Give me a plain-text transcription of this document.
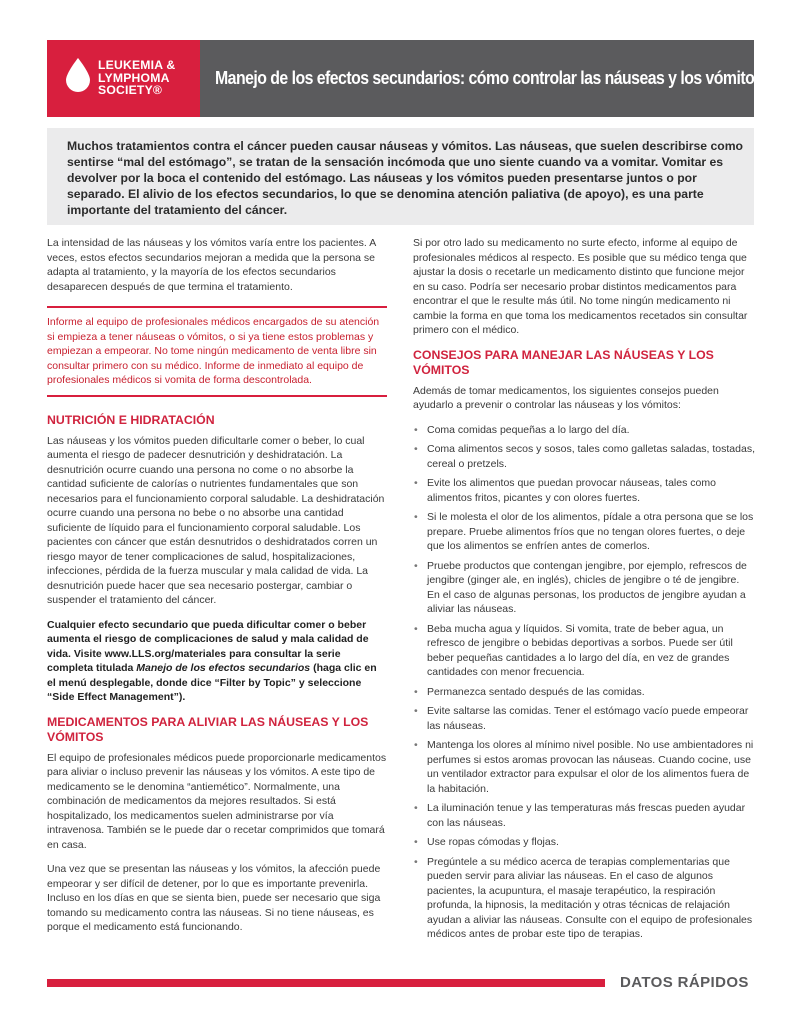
LEUKEMIA &
LYMPHOMA
SOCIETY®
Manejo de los efectos secundarios: cómo controlar las náuseas y los vómitos

Muchos tratamientos contra el cáncer pueden causar náuseas y vómitos. Las náuseas, que suelen describirse como sentirse “mal del estómago”, se tratan de la sensación incómoda que uno siente cuando va a vomitar. Vomitar es devolver por la boca el contenido del estómago. Las náuseas y los vómitos pueden presentarse juntos o por separado. El alivio de los efectos secundarios, lo que se denomina atención paliativa (de apoyo), es una parte importante del tratamiento del cáncer.

La intensidad de las náuseas y los vómitos varía entre los pacientes. A veces, estos efectos secundarios mejoran a medida que la persona se adapta al tratamiento, y la mayoría de los efectos secundarios desaparecen después de que termina el tratamiento.

Informe al equipo de profesionales médicos encargados de su atención si empieza a tener náuseas o vómitos, o si ya tiene estos problemas y empiezan a empeorar. No tome ningún medicamento de venta libre sin consultar primero con su médico. Informe de inmediato al equipo de profesionales médicos si vomita de forma descontrolada.

NUTRICIÓN E HIDRATACIÓN

Las náuseas y los vómitos pueden dificultarle comer o beber, lo cual aumenta el riesgo de padecer desnutrición y deshidratación. La desnutrición ocurre cuando una persona no come o no absorbe la cantidad suficiente de calorías o nutrientes fundamentales que son necesarios para el funcionamiento corporal saludable. La deshidratación ocurre cuando una persona no bebe o no absorbe una cantidad suficiente de líquido para el funcionamiento corporal saludable. Los pacientes con cáncer que están desnutridos o deshidratados corren un riesgo mayor de tener complicaciones de salud, hospitalizaciones, infecciones, pérdida de la fuerza muscular y mala calidad de vida. La desnutrición puede hacer que sea necesario postergar, cambiar o suspender el tratamiento del cáncer.

Cualquier efecto secundario que pueda dificultar comer o beber aumenta el riesgo de complicaciones de salud y mala calidad de vida. Visite www.LLS.org/materiales para consultar la serie completa titulada Manejo de los efectos secundarios (haga clic en el menú desplegable, donde dice “Filter by Topic” y seleccione “Side Effect Management”).

MEDICAMENTOS PARA ALIVIAR LAS NÁUSEAS Y LOS VÓMITOS

El equipo de profesionales médicos puede proporcionarle medicamentos para aliviar o incluso prevenir las náuseas y los vómitos. A este tipo de medicamento se le denomina “antiemético”. Normalmente, una combinación de medicamentos da mejores resultados. Si está hospitalizado, los medicamentos suelen administrarse por vía intravenosa. También se le puede dar o recetar comprimidos que tomará en casa.

Una vez que se presentan las náuseas y los vómitos, la afección puede empeorar y ser difícil de detener, por lo que es importante prevenirla. Incluso en los días en que se sienta bien, puede ser necesario que siga tomando su medicamento contra las náuseas. Si no tiene náuseas, es porque el medicamento está funcionando.

Si por otro lado su medicamento no surte efecto, informe al equipo de profesionales médicos al respecto. Es posible que su médico tenga que ajustar la dosis o recetarle un medicamento distinto que funcione mejor en su caso. Podría ser necesario probar distintos medicamentos para encontrar el que le resulte más útil. No tome ningún medicamento ni cambie la forma en que toma los medicamentos recetados sin consultar primero con el médico.

CONSEJOS PARA MANEJAR LAS NÁUSEAS Y LOS VÓMITOS

Además de tomar medicamentos, los siguientes consejos pueden ayudarlo a prevenir o controlar las náuseas y los vómitos:

• Coma comidas pequeñas a lo largo del día.
• Coma alimentos secos y sosos, tales como galletas saladas, tostadas, cereal o pretzels.
• Evite los alimentos que puedan provocar náuseas, tales como alimentos fritos, picantes y con olores fuertes.
• Si le molesta el olor de los alimentos, pídale a otra persona que se los prepare. Pruebe alimentos fríos que no tengan olores fuertes, o deje que los alimentos se enfríen antes de comerlos.
• Pruebe productos que contengan jengibre, por ejemplo, refrescos de jengibre (ginger ale, en inglés), chicles de jengibre o té de jengibre. En el caso de algunas personas, los productos de jengibre ayudan a aliviar las náuseas.
• Beba mucha agua y líquidos. Si vomita, trate de beber agua, un refresco de jengibre o bebidas deportivas a sorbos. Puede ser útil beber pequeñas cantidades a lo largo del día, en vez de grandes cantidades con menor frecuencia.
• Permanezca sentado después de las comidas.
• Evite saltarse las comidas. Tener el estómago vacío puede empeorar las náuseas.
• Mantenga los olores al mínimo nivel posible. No use ambientadores ni perfumes si estos aromas provocan las náuseas. Cuando cocine, use un ventilador extractor para expulsar el olor de los alimentos fuera de la habitación.
• La iluminación tenue y las temperaturas más frescas pueden ayudar con las náuseas.
• Use ropas cómodas y flojas.
• Pregúntele a su médico acerca de terapias complementarias que pueden servir para aliviar las náuseas. En el caso de algunos pacientes, la acupuntura, el masaje terapéutico, la respiración profunda, la hipnosis, la meditación y otras técnicas de relajación ayudan a aliviar las náuseas. Consulte con el equipo de profesionales médicos antes de probar este tipo de terapias.
DATOS RÁPIDOS
